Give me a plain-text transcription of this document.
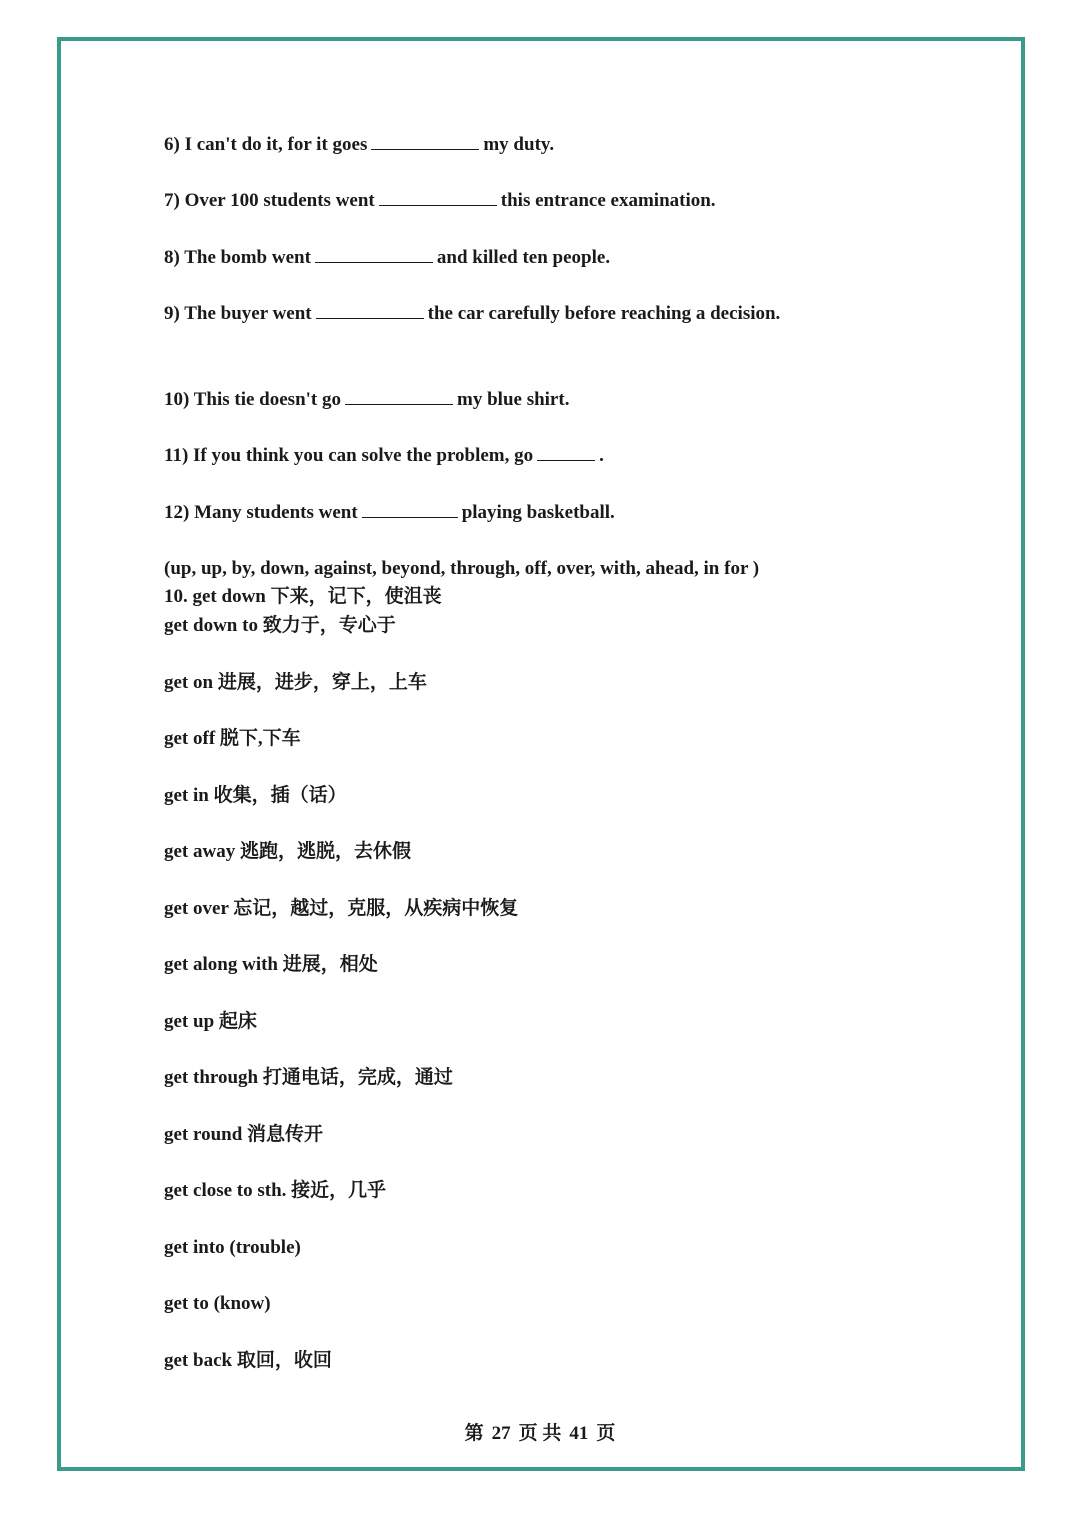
6) I can't do it, for it goes	my duty.
7) Over 100 students went	this entrance examination.
8) The bomb went	and killed ten people.
9) The buyer went	the car carefully before reaching a decision.
10) This tie doesn't go	my blue shirt.
11) If you think you can solve the problem, go	.
12) Many students went	playing basketball.
(up, up, by, down, against, beyond, through, off, over, with, ahead, in for )
10. get down 下来，记下，使沮丧
get down to 致力于，专心于
get on 进展，进步，穿上，上车
get off 脱下,下车
get in 收集，插（话）
get away 逃跑，逃脱，去休假
get over 忘记，越过，克服，从疾病中恢复
get along with 进展，相处
get up 起床
get through 打通电话，完成，通过
get round 消息传开
get close to sth. 接近，几乎
get into (trouble)
get to (know)
get back 取回，收回
第 27 页 共 41 页
